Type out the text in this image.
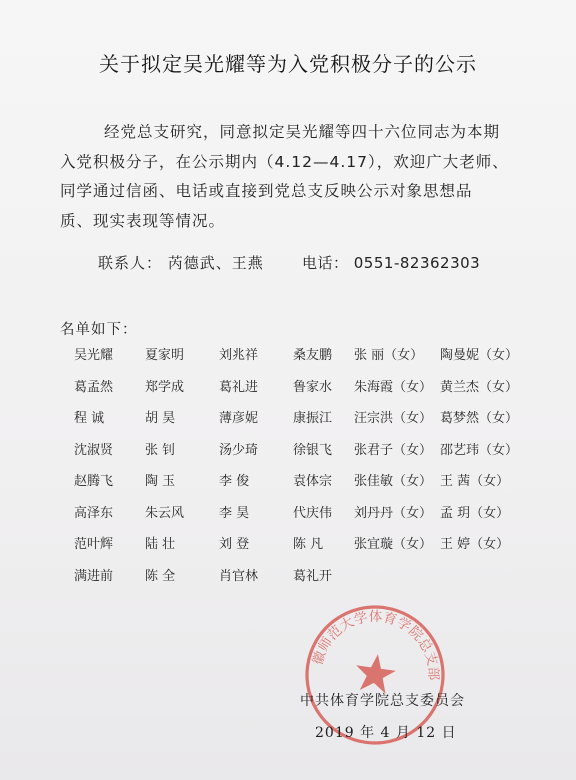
关于拟定吴光耀等为入党积极分子的公示
经党总支研究，同意拟定吴光耀等四十六位同志为本期
入党积极分子，在公示期内（4.12—4.17），欢迎广大老师、
同学通过信函、电话或直接到党总支反映公示对象思想品
质、现实表现等情况。
联系人： 芮德武、王燕	电话： 0551-82362303
名单如下：
吴光耀 夏家明	刘兆祥	桑友鹏 张 丽（女） 陶曼妮（女）
葛孟然 郑学成	葛礼进	鲁家水 朱海霞（女） 黄兰杰（女）
程 诚	胡 昊	薄彦妮	康振江 汪宗洪（女） 葛梦然（女）
沈淑贤 张 钊	汤少琦	徐银飞 张君子（女） 邵艺玮（女）
赵腾飞 陶 玉	李 俊	袁体宗 张佳敏（女） 王 茜（女）
高泽东 朱云风	李 昊	代庆伟 刘丹丹（女） 孟 玥（女）
范叶辉 陆 壮	刘 登	陈 凡 张宜璇（女） 王 婷（女）
满进前 陈 全	肖官林	葛礼开
中共安徽师范大学体育学院总支部委员会
中共体育学院总支委员会
2019 年 4 月 12 日
